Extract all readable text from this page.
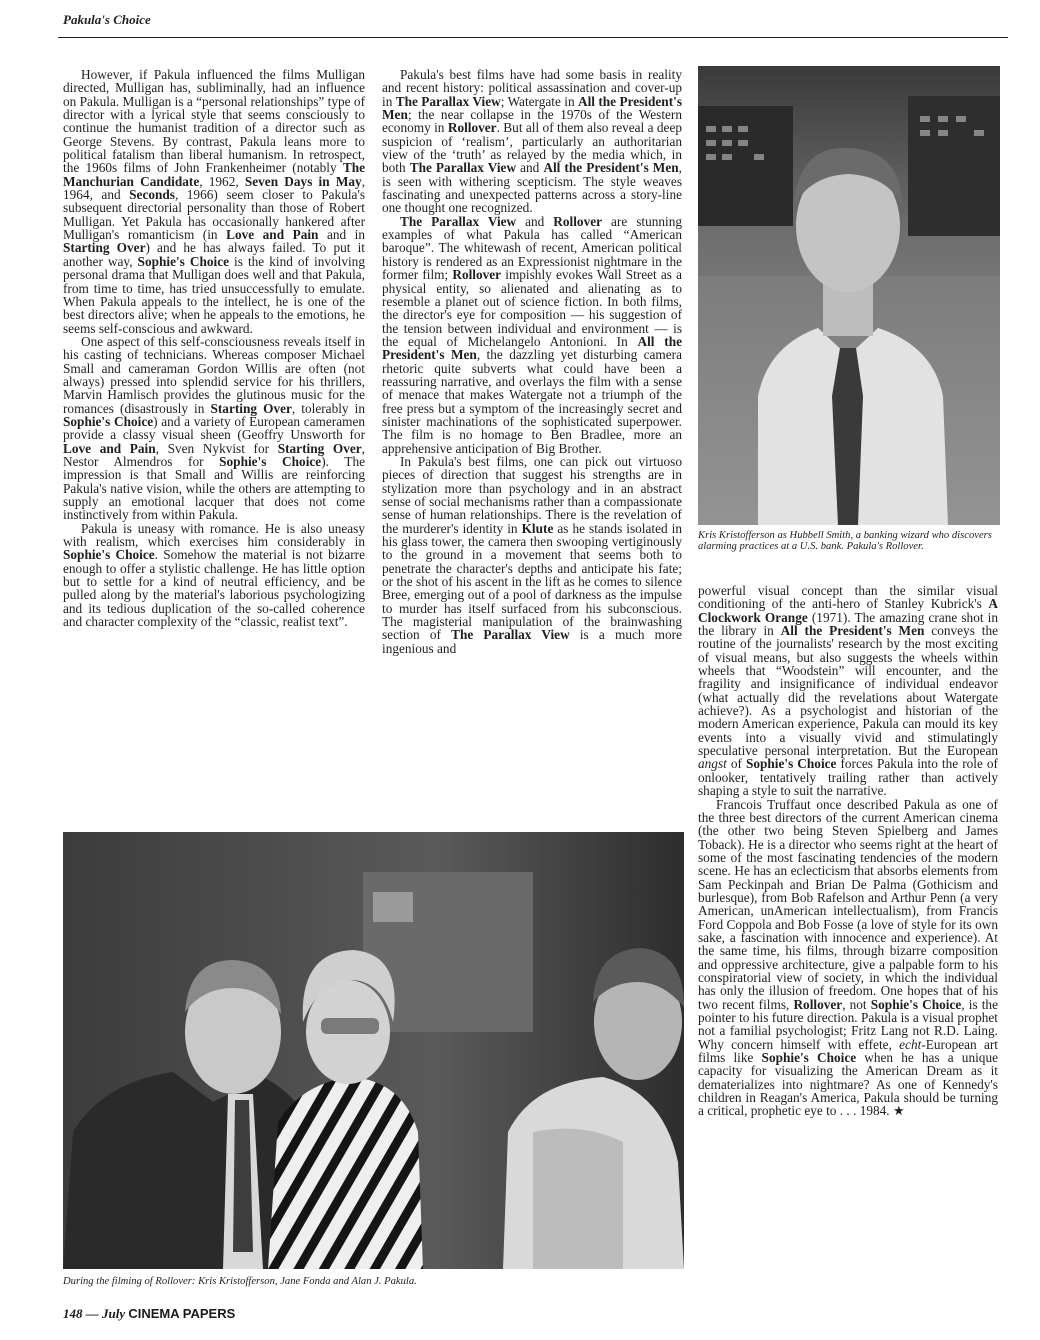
Pakula's Choice

However, if Pakula influenced the films Mulligan directed, Mulligan has, subliminally, had an influence on Pakula. Mulligan is a “personal relationships” type of director with a lyrical style that seems consciously to continue the humanist tradition of a director such as George Stevens. By contrast, Pakula leans more to political fatalism than liberal humanism. In retrospect, the 1960s films of John Frankenheimer (notably The Manchurian Candidate, 1962, Seven Days in May, 1964, and Seconds, 1966) seem closer to Pakula's subsequent directorial personality than those of Robert Mulligan. Yet Pakula has occasionally hankered after Mulligan's romanticism (in Love and Pain and in Starting Over) and he has always failed. To put it another way, Sophie's Choice is the kind of involving personal drama that Mulligan does well and that Pakula, from time to time, has tried unsuccessfully to emulate. When Pakula appeals to the intellect, he is one of the best directors alive; when he appeals to the emotions, he seems self-conscious and awkward.

One aspect of this self-consciousness reveals itself in his casting of technicians. Whereas composer Michael Small and cameraman Gordon Willis are often (not always) pressed into splendid service for his thrillers, Marvin Hamlisch provides the glutinous music for the romances (disastrously in Starting Over, tolerably in Sophie's Choice) and a variety of European cameramen provide a classy visual sheen (Geoffry Unsworth for Love and Pain, Sven Nykvist for Starting Over, Nestor Almendros for Sophie's Choice). The impression is that Small and Willis are reinforcing Pakula's native vision, while the others are attempting to supply an emotional lacquer that does not come instinctively from within Pakula.

Pakula is uneasy with romance. He is also uneasy with realism, which exercises him considerably in Sophie's Choice. Somehow the material is not bizarre enough to offer a stylistic challenge. He has little option but to settle for a kind of neutral efficiency, and be pulled along by the material's laborious psychologizing and its tedious duplication of the so-called coherence and character complexity of the “classic, realist text”.

Pakula's best films have had some basis in reality and recent history: political assassination and cover-up in The Parallax View; Watergate in All the President's Men; the near collapse in the 1970s of the Western economy in Rollover. But all of them also reveal a deep suspicion of ‘realism’, particularly an authoritarian view of the ‘truth’ as relayed by the media which, in both The Parallax View and All the President's Men, is seen with withering scepticism. The style weaves fascinating and unexpected patterns across a story-line one thought one recognized.

The Parallax View and Rollover are stunning examples of what Pakula has called “American baroque”. The whitewash of recent, American political history is rendered as an Expressionist nightmare in the former film; Rollover impishly evokes Wall Street as a physical entity, so alienated and alienating as to resemble a planet out of science fiction. In both films, the director's eye for composition — his suggestion of the tension between individual and environment — is the equal of Michelangelo Antonioni. In All the President's Men, the dazzling yet disturbing camera rhetoric quite subverts what could have been a reassuring narrative, and overlays the film with a sense of menace that makes Watergate not a triumph of the free press but a symptom of the increasingly secret and sinister machinations of the sophisticated superpower. The film is no homage to Ben Bradlee, more an apprehensive anticipation of Big Brother.

In Pakula's best films, one can pick out virtuoso pieces of direction that suggest his strengths are in stylization more than psychology and in an abstract sense of social mechanisms rather than a compassionate sense of human relationships. There is the revelation of the murderer's identity in Klute as he stands isolated in his glass tower, the camera then swooping vertiginously to the ground in a movement that seems both to penetrate the character's depths and anticipate his fate; or the shot of his ascent in the lift as he comes to silence Bree, emerging out of a pool of darkness as the impulse to murder has itself surfaced from his subconscious. The magisterial manipulation of the brainwashing section of The Parallax View is a much more ingenious and

Kris Kristofferson as Hubbell Smith, a banking wizard who discovers alarming practices at a U.S. bank. Pakula's Rollover.

powerful visual concept than the similar visual conditioning of the anti-hero of Stanley Kubrick's A Clockwork Orange (1971). The amazing crane shot in the library in All the President's Men conveys the routine of the journalists' research by the most exciting of visual means, but also suggests the wheels within wheels that “Woodstein” will encounter, and the fragility and insignificance of individual endeavor (what actually did the revelations about Watergate achieve?). As a psychologist and historian of the modern American experience, Pakula can mould its key events into a visually vivid and stimulatingly speculative personal interpretation. But the European angst of Sophie's Choice forces Pakula into the role of onlooker, tentatively trailing rather than actively shaping a style to suit the narrative.

Francois Truffaut once described Pakula as one of the three best directors of the current American cinema (the other two being Steven Spielberg and James Toback). He is a director who seems right at the heart of some of the most fascinating tendencies of the modern scene. He has an eclecticism that absorbs elements from Sam Peckinpah and Brian De Palma (Gothicism and burlesque), from Bob Rafelson and Arthur Penn (a very American, unAmerican intellectualism), from Francis Ford Coppola and Bob Fosse (a love of style for its own sake, a fascination with innocence and experience). At the same time, his films, through bizarre composition and oppressive architecture, give a palpable form to his conspiratorial view of society, in which the individual has only the illusion of freedom. One hopes that of his two recent films, Rollover, not Sophie's Choice, is the pointer to his future direction. Pakula is a visual prophet not a familial psychologist; Fritz Lang not R.D. Laing. Why concern himself with effete, echt-European art films like Sophie's Choice when he has a unique capacity for visualizing the American Dream as it dematerializes into nightmare? As one of Kennedy's children in Reagan's America, Pakula should be turning a critical, prophetic eye to . . . 1984. ★

During the filming of Rollover: Kris Kristofferson, Jane Fonda and Alan J. Pakula.
148 — July CINEMA PAPERS
